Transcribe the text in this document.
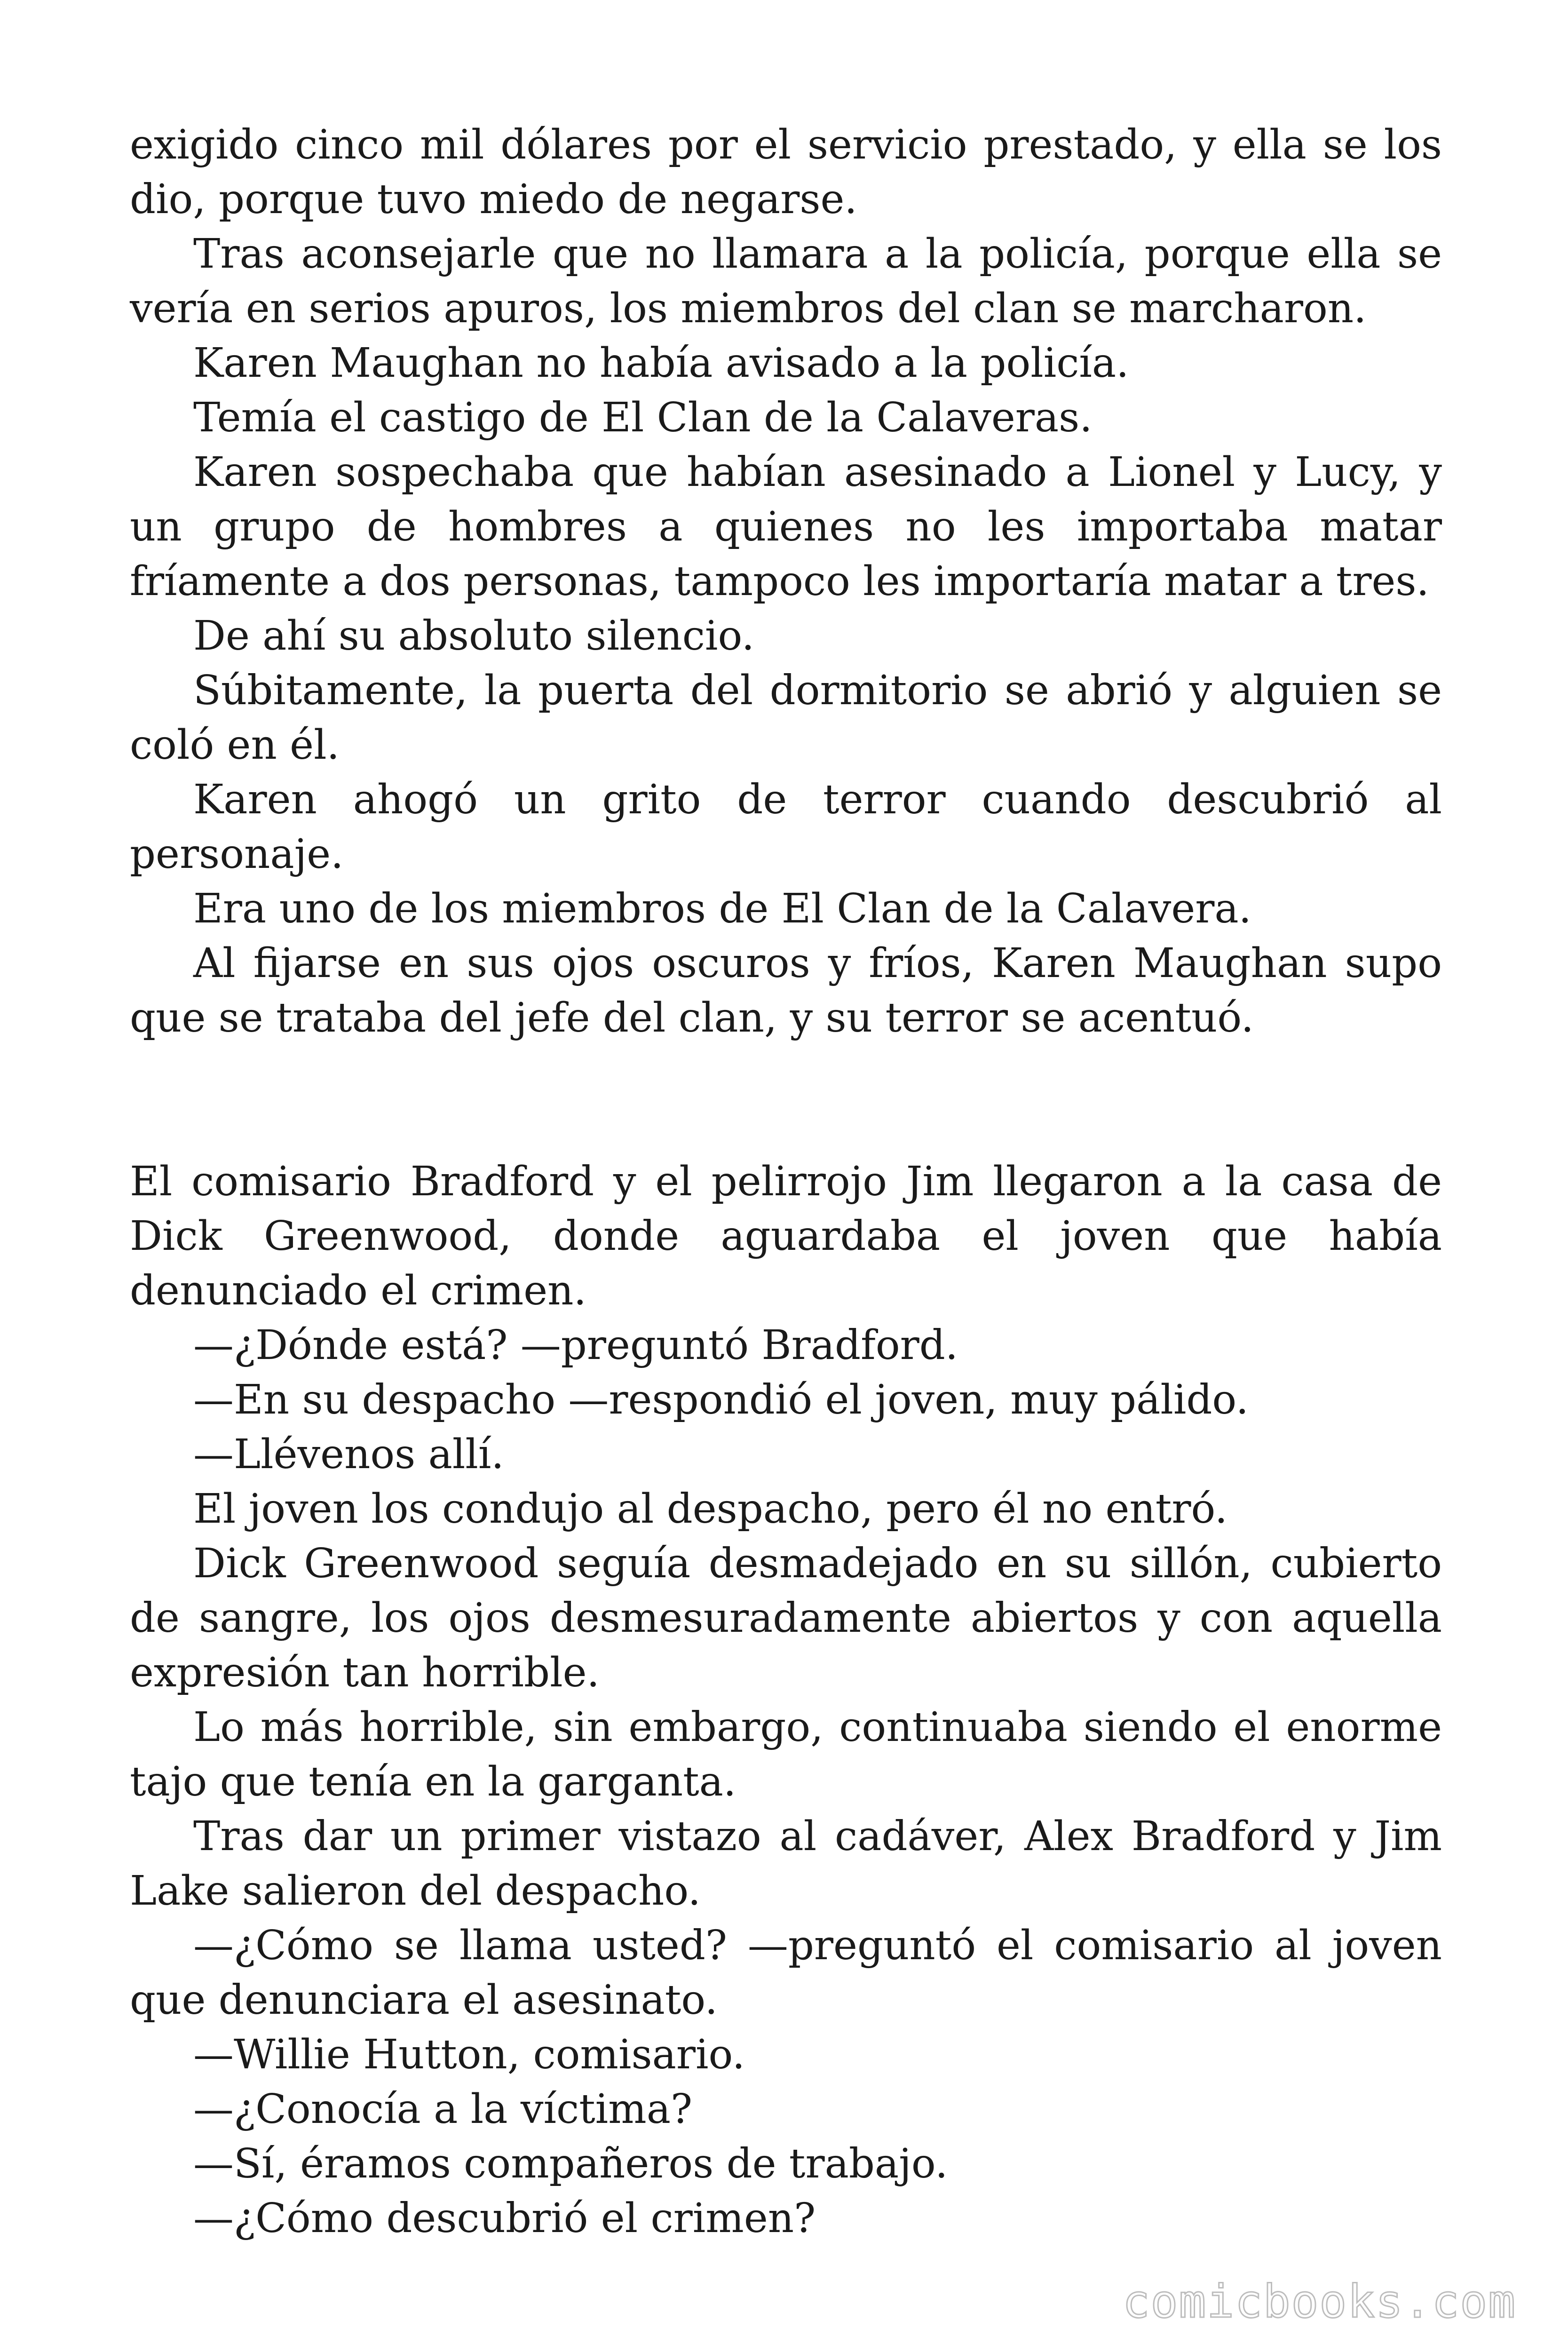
exigido cinco mil dólares por el servicio prestado, y ella se los dio, porque tuvo miedo de negarse.

Tras aconsejarle que no llamara a la policía, porque ella se vería en serios apuros, los miembros del clan se marcharon.

Karen Maughan no había avisado a la policía.

Temía el castigo de El Clan de la Calaveras.

Karen sospechaba que habían asesinado a Lionel y Lucy, y un grupo de hombres a quienes no les importaba matar fríamente a dos personas, tampoco les importaría matar a tres.

De ahí su absoluto silencio.

Súbitamente, la puerta del dormitorio se abrió y alguien se coló en él.

Karen ahogó un grito de terror cuando descubrió al personaje.

Era uno de los miembros de El Clan de la Calavera.

Al fijarse en sus ojos oscuros y fríos, Karen Maughan supo que se trataba del jefe del clan, y su terror se acentuó.

El comisario Bradford y el pelirrojo Jim llegaron a la casa de Dick Greenwood, donde aguardaba el joven que había denunciado el crimen.

—¿Dónde está? —preguntó Bradford.

—En su despacho —respondió el joven, muy pálido.

—Llévenos allí.

El joven los condujo al despacho, pero él no entró.

Dick Greenwood seguía desmadejado en su sillón, cubierto de sangre, los ojos desmesuradamente abiertos y con aquella expresión tan horrible.

Lo más horrible, sin embargo, continuaba siendo el enorme tajo que tenía en la garganta.

Tras dar un primer vistazo al cadáver, Alex Bradford y Jim Lake salieron del despacho.

—¿Cómo se llama usted? —preguntó el comisario al joven que denunciara el asesinato.

—Willie Hutton, comisario.

—¿Conocía a la víctima?

—Sí, éramos compañeros de trabajo.

—¿Cómo descubrió el crimen?

comicbooks.com
